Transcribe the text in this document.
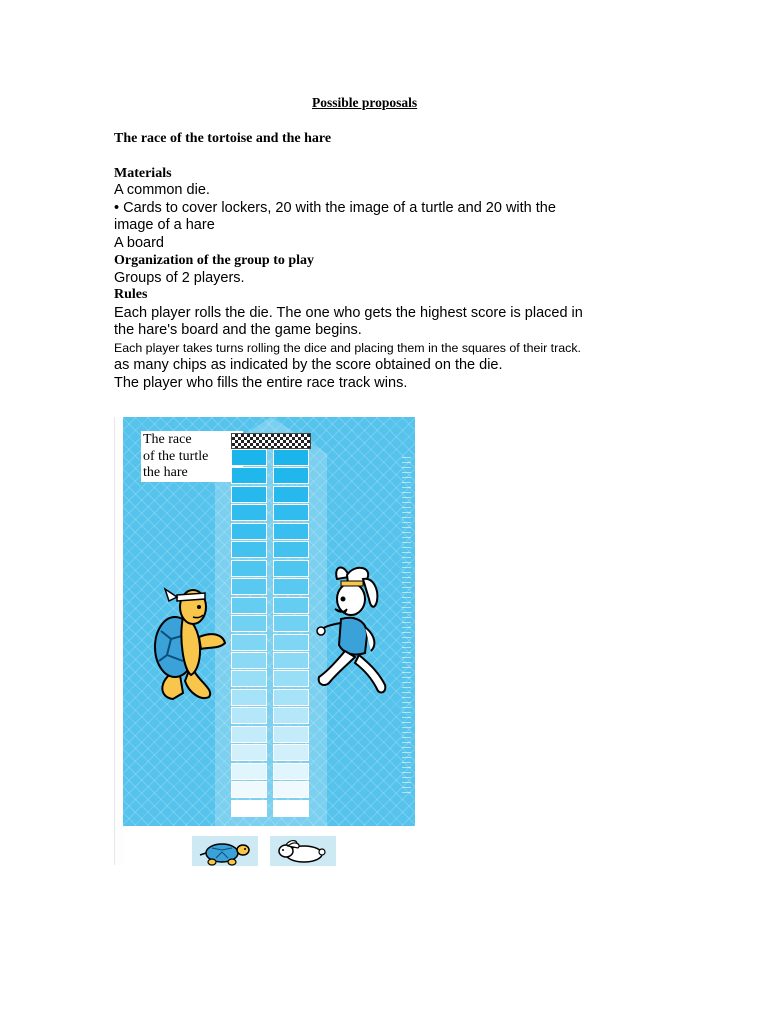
Possible proposals
The race of the tortoise and the hare
Materials
A common die.
• Cards to cover lockers, 20 with the image of a turtle and 20 with the
image of a hare
A board
Organization of the group to play
Groups of 2 players.
Rules
Each player rolls the die. The one who gets the highest score is placed in
the hare's board and the game begins.
Each player takes turns rolling the dice and placing them in the squares of their track.
as many chips as indicated by the score obtained on the die.
The player who fills the entire race track wins.
The race
of the turtle
the hare
